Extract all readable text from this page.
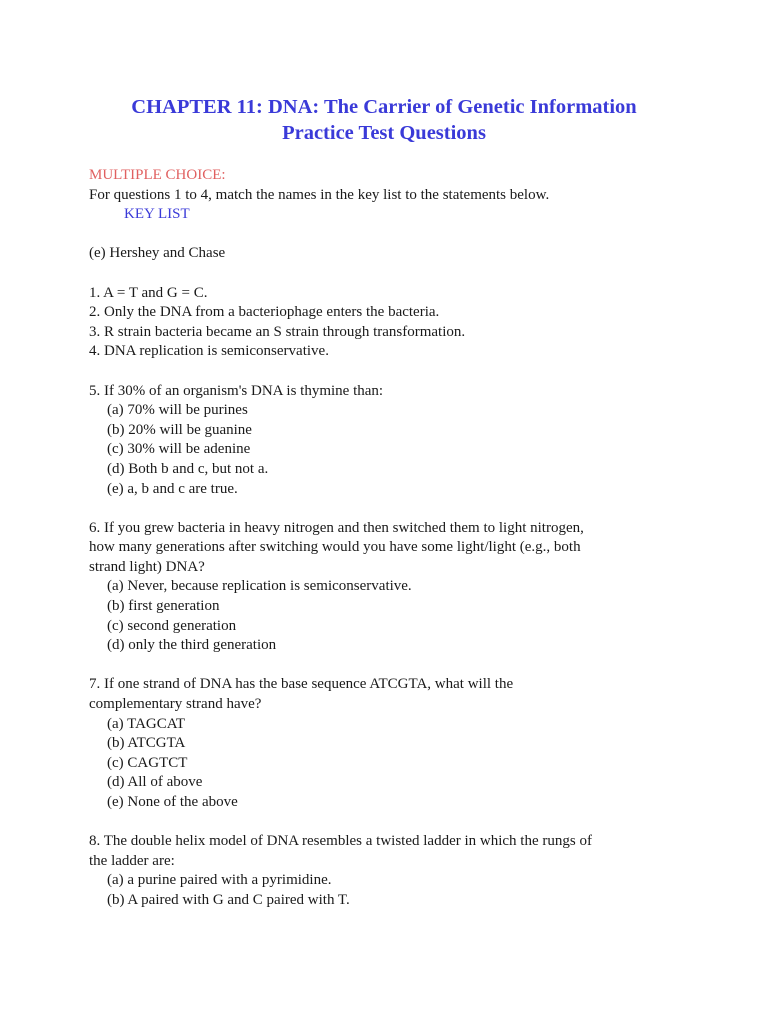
CHAPTER 11: DNA: The Carrier of Genetic Information
Practice Test Questions
MULTIPLE CHOICE:
For questions 1 to 4, match the names in the key list to the statements below.
KEY LIST
(e) Hershey and Chase
1. A = T and G = C.
2. Only the DNA from a bacteriophage enters the bacteria.
3. R strain bacteria became an S strain through transformation.
4. DNA replication is semiconservative.
5. If 30% of an organism's DNA is thymine than:
(a) 70% will be purines
(b) 20% will be guanine
(c) 30% will be adenine
(d) Both b and c, but not a.
(e) a, b and c are true.
6. If you grew bacteria in heavy nitrogen and then switched them to light nitrogen,
how many generations after switching would you have some light/light (e.g., both
strand light) DNA?
(a) Never, because replication is semiconservative.
(b) first generation
(c) second generation
(d) only the third generation
7. If one strand of DNA has the base sequence ATCGTA, what will the
complementary strand have?
(a) TAGCAT
(b) ATCGTA
(c) CAGTCT
(d) All of above
(e) None of the above
8. The double helix model of DNA resembles a twisted ladder in which the rungs of
the ladder are:
(a) a purine paired with a pyrimidine.
(b) A paired with G and C paired with T.
